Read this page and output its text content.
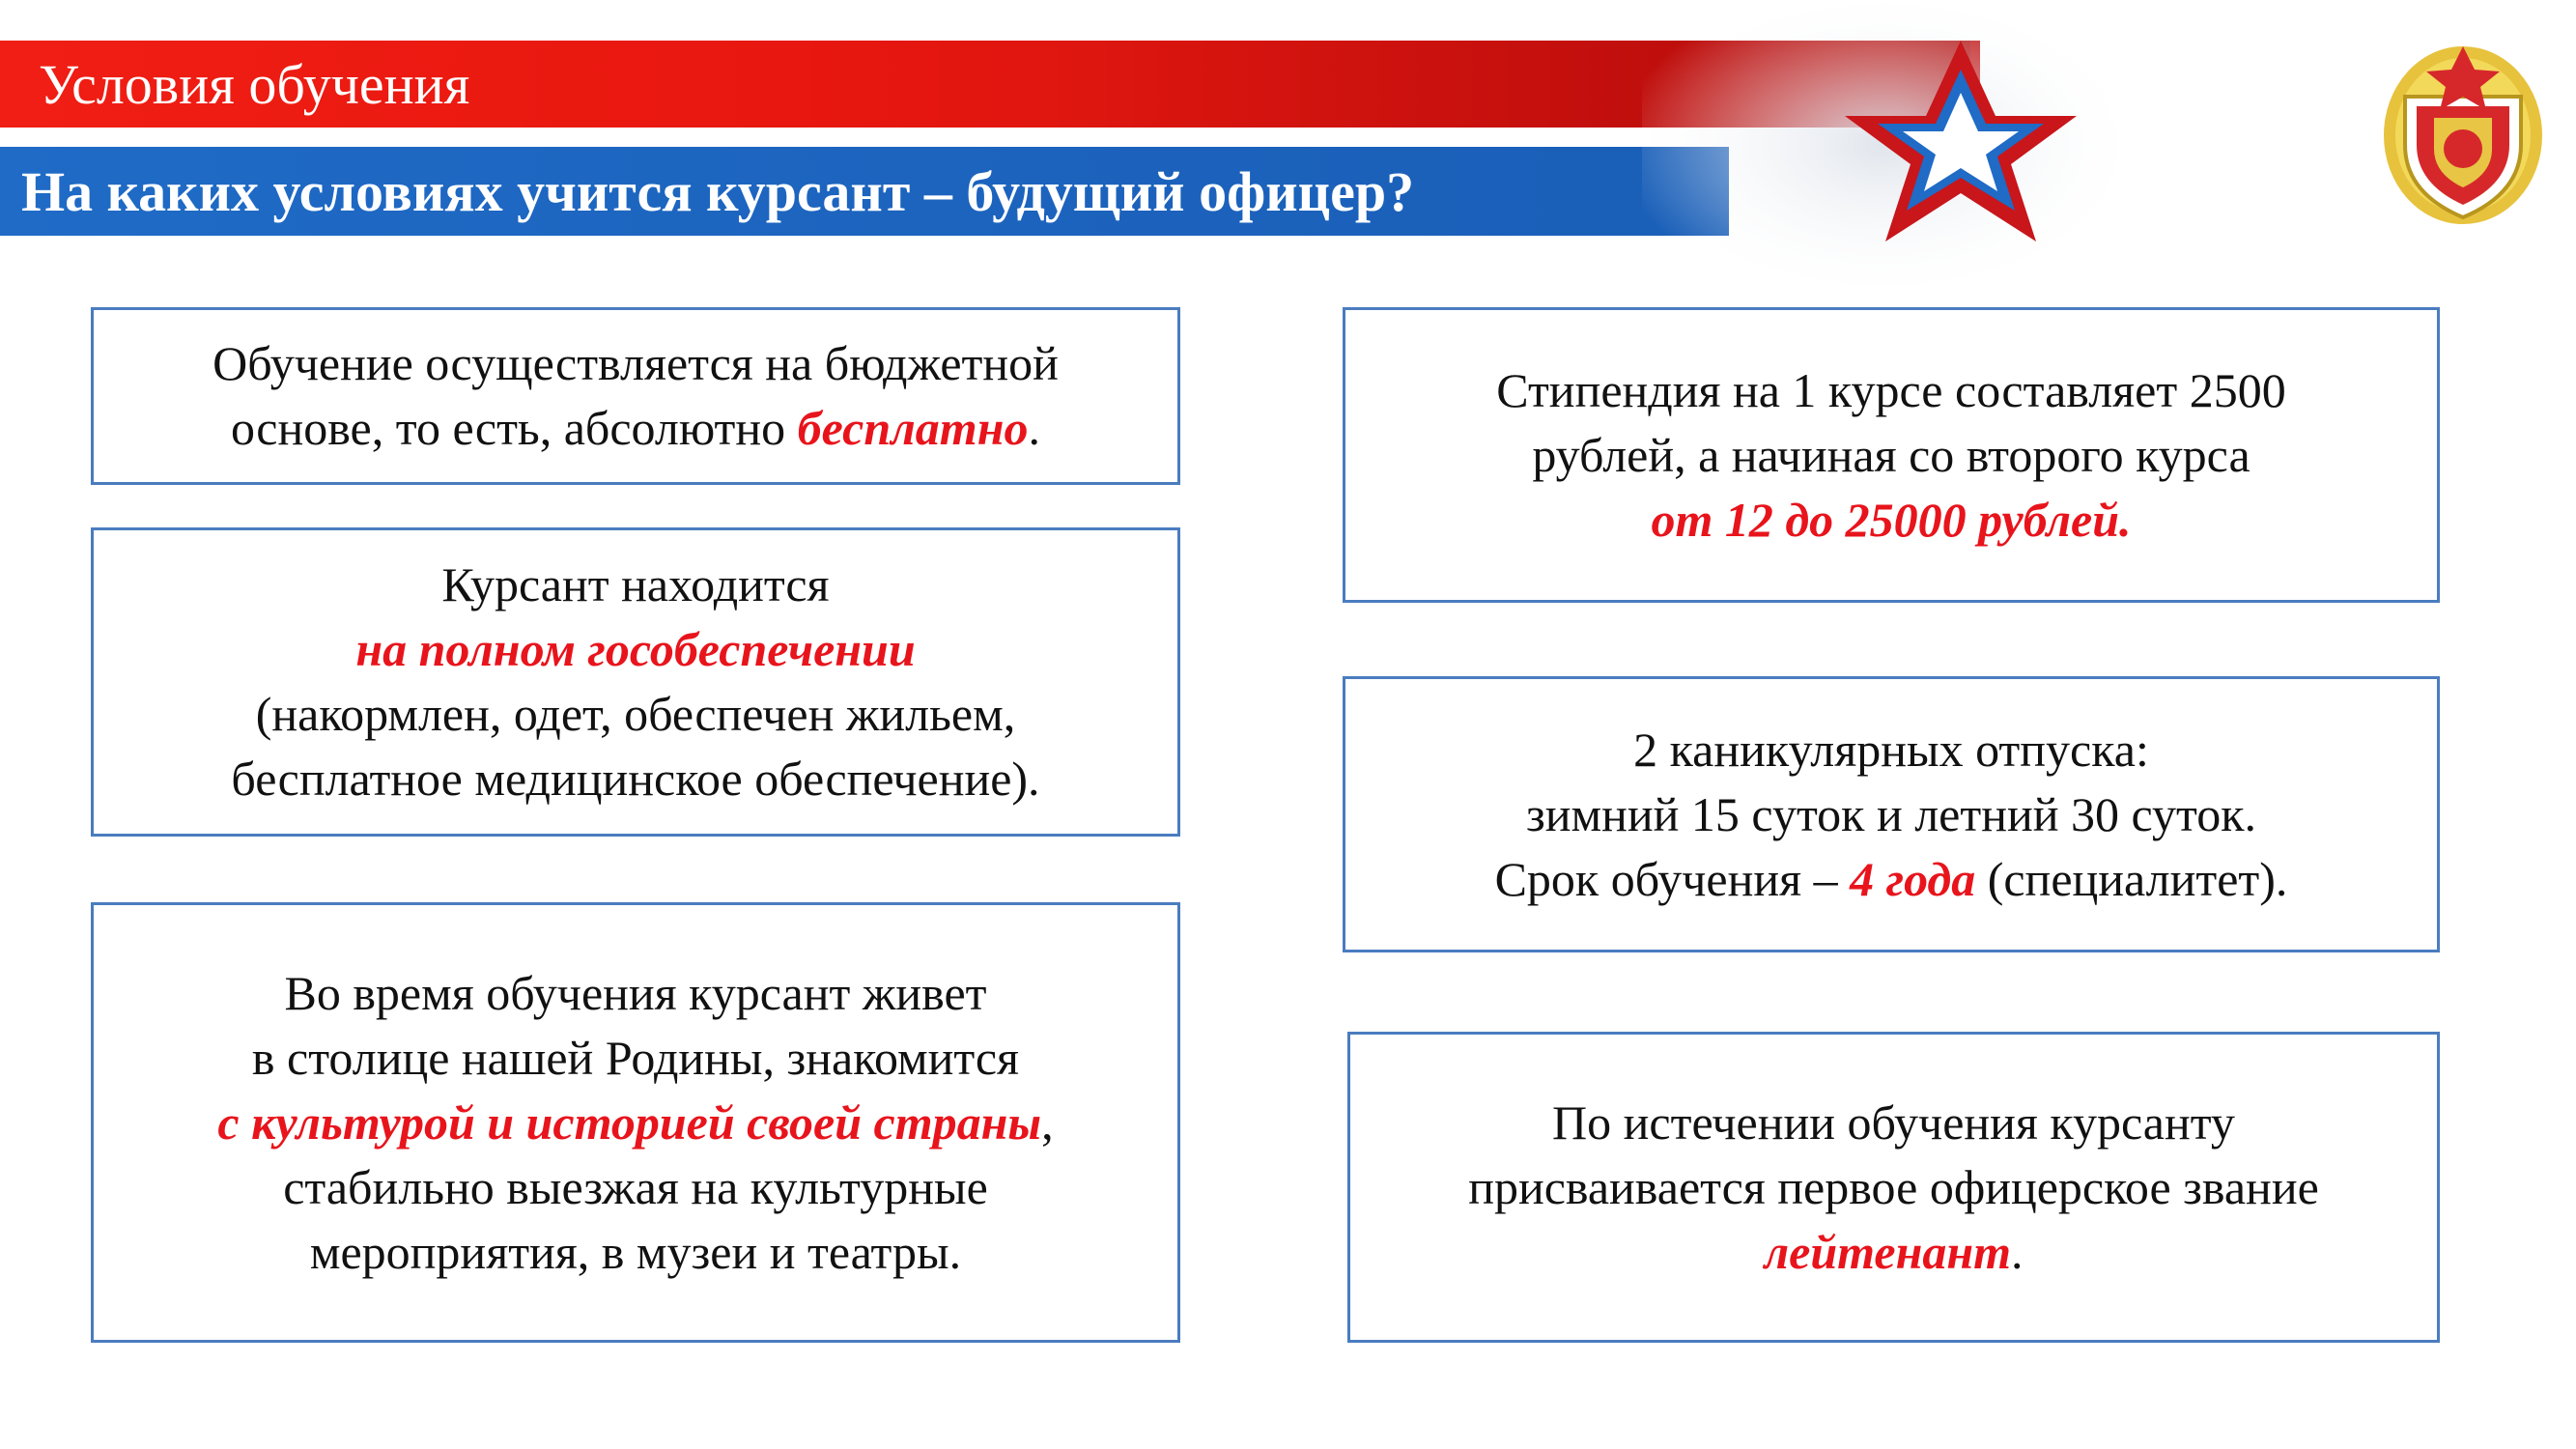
Условия обучения
На каких условиях учится курсант – будущий офицер?
Обучение осуществляется на бюджетной
основе, то есть, абсолютно бесплатно.
Курсант находится
на полном гособеспечении
(накормлен, одет, обеспечен жильем,
бесплатное медицинское обеспечение).
Во время обучения курсант живет
в столице нашей Родины, знакомится
с культурой и историей своей страны,
стабильно выезжая на культурные
мероприятия, в музеи и театры.
Стипендия на 1 курсе составляет 2500
рублей, а начиная со второго курса
от 12 до 25000 рублей.
2 каникулярных отпуска:
зимний 15 суток и летний 30 суток.
Срок обучения – 4 года (специалитет).
По истечении обучения курсанту
присваивается первое офицерское звание
лейтенант.
